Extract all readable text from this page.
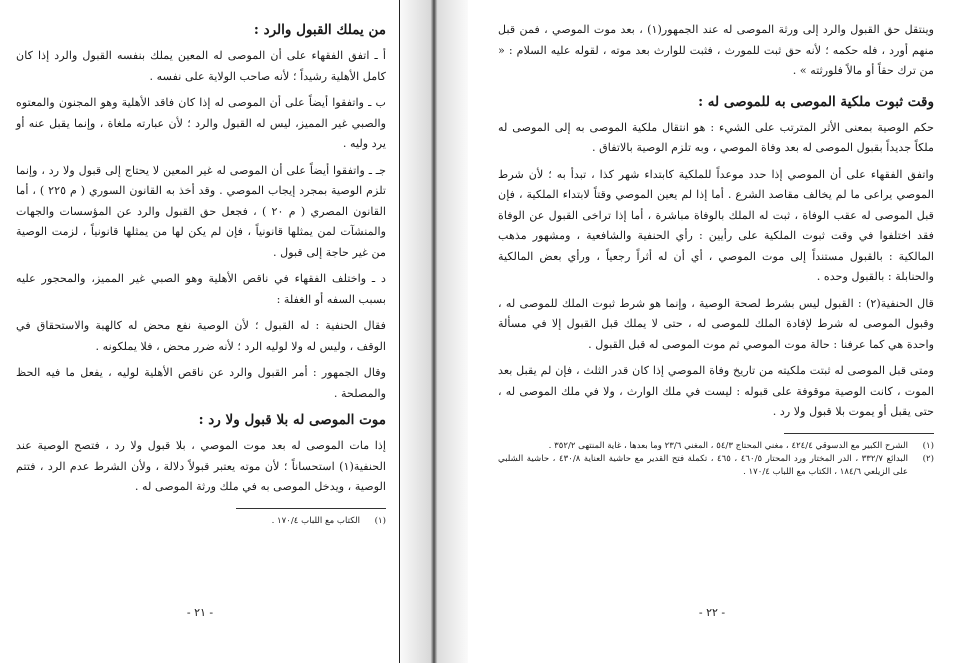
من يملك القبول والرد :

أ ـ اتفق الفقهاء على أن الموصى له المعين يملك بنفسه القبول والرد إذا كان كامل الأهلية رشيداً ؛ لأنه صاحب الولاية على نفسه .

ب ـ واتفقوا أيضاً على أن الموصى له إذا كان فاقد الأهلية وهو المجنون والمعتوه والصبي غير المميز، ليس له القبول والرد ؛ لأن عبارته ملغاة ، وإنما يقبل عنه أو يرد وليه .

جـ ـ واتفقوا أيضاً على أن الموصى له غير المعين لا يحتاج إلى قبول ولا رد ، وإنما تلزم الوصية بمجرد إيجاب الموصي . وقد أخذ به القانون السوري ( م ٢٢٥ ) ، أما القانون المصري ( م ٢٠ ) ، فجعل حق القبول والرد عن المؤسسات والجهات والمنشآت لمن يمثلها قانونياً ، فإن لم يكن لها من يمثلها قانونياً ، لزمت الوصية من غير حاجة إلى قبول .

د ـ واختلف الفقهاء في ناقص الأهلية وهو الصبي غير المميز، والمحجور عليه بسبب السفه أو الغفلة :

فقال الحنفية : له القبول ؛ لأن الوصية نفع محض له كالهبة والاستحقاق في الوقف ، وليس له ولا لوليه الرد ؛ لأنه ضرر محض ، فلا يملكونه .

وقال الجمهور : أمر القبول والرد عن ناقص الأهلية لوليه ، يفعل ما فيه الحظ والمصلحة .

موت الموصى له بلا قبول ولا رد :

إذا مات الموصى له بعد موت الموصي ، بلا قبول ولا رد ، فتصح الوصية عند الحنفية(١) استحساناً ؛ لأن موته يعتبر قبولاً دلالة ، ولأن الشرط عدم الرد ، فتتم الوصية ، ويدخل الموصى به في ملك ورثة الموصى له .

(١)
الكتاب مع اللباب ١٧٠/٤ .
- ٢١ -

وينتقل حق القبول والرد إلى ورثة الموصى له عند الجمهور(١) ، بعد موت الموصي ، فمن قبل منهم أورد ، فله حكمه ؛ لأنه حق ثبت للمورث ، فثبت للوارث بعد موته ، لقوله عليه السلام : « من ترك حقاً أو مالاً فلورثته » .

وقت ثبوت ملكية الموصى به للموصى له :

حكم الوصية بمعنى الأثر المترتب على الشيء : هو انتقال ملكية الموصى به إلى الموصى له ملكاً جديداً بقبول الموصى له بعد وفاة الموصي ، وبه تلزم الوصية بالاتفاق .

واتفق الفقهاء على أن الموصي إذا حدد موعداً للملكية كابتداء شهر كذا ، تبدأ به ؛ لأن شرط الموصي يراعى ما لم يخالف مقاصد الشرع . أما إذا لم يعين الموصي وقتاً لابتداء الملكية ، فإن قبل الموصى له عقب الوفاة ، ثبت له الملك بالوفاة مباشرة ، أما إذا تراخى القبول عن الوفاة فقد اختلفوا في وقت ثبوت الملكية على رأيين : رأي الحنفية والشافعية ، ومشهور مذهب المالكية : بالقبول مستنداً إلى موت الموصي ، أي أن له أثراً رجعياً ، ورأي بعض المالكية والحنابلة : بالقبول وحده .

قال الحنفية(٢) : القبول ليس بشرط لصحة الوصية ، وإنما هو شرط ثبوت الملك للموصى له ، وقبول الموصى له شرط لإفادة الملك للموصى له ، حتى لا يملك قبل القبول إلا في مسألة واحدة هي كما عرفنا : حالة موت الموصي ثم موت الموصى له قبل القبول .

ومتى قبل الموصى له ثبتت ملكيته من تاريخ وفاة الموصي إذا كان قدر الثلث ، فإن لم يقبل بعد الموت ، كانت الوصية موقوفة على قبوله : ليست في ملك الوارث ، ولا في ملك الموصى له ، حتى يقبل أو يموت بلا قبول ولا رد .

(١)
الشرح الكبير مع الدسوقي ٤٢٤/٤ ، مغني المحتاج ٥٤/٣ ، المغني ٢٣/٦ وما بعدها ، غاية المنتهى ٣٥٢/٢ .
(٢)
البدائع ٣٣٢/٧ ، الدر المختار ورد المحتار ٤٦٠/٥ ، ٤٦٥ ، تكملة فتح القدير مع حاشية العناية ٤٣٠/٨ ، حاشية الشلبي على الزيلعي ١٨٤/٦ ، الكتاب مع اللباب ١٧٠/٤ .
- ٢٢ -
